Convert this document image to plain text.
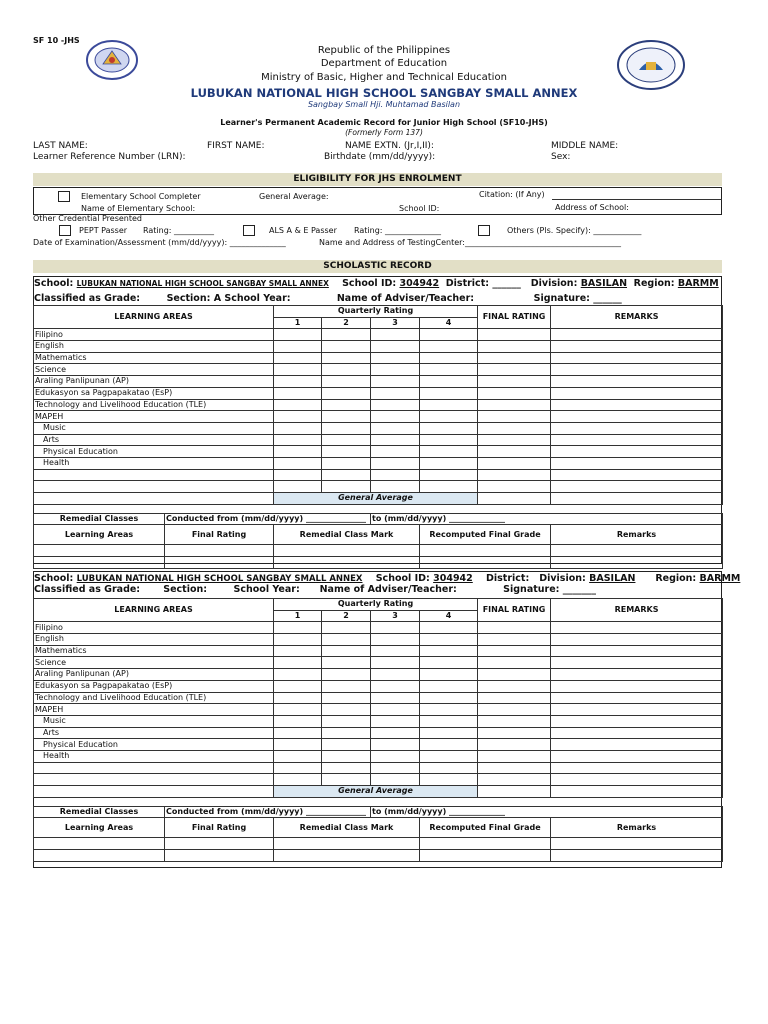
SF 10 -JHS
Republic of the Philippines
Department of Education
Ministry of Basic, Higher and Technical Education
LUBUKAN NATIONAL HIGH SCHOOL SANGBAY SMALL ANNEX
Sangbay Small Hji. Muhtamad Basilan
Learner's Permanent Academic Record for Junior High School (SF10-JHS)
(Formerly Form 137)
LAST NAME:	FIRST NAME:	NAME EXTN. (Jr,I,II):	MIDDLE NAME:
Learner Reference Number (LRN):	Birthdate (mm/dd/yyyy):	Sex:
ELIGIBILITY FOR JHS ENROLMENT
Elementary School Completer	General Average:	Citation: (If Any)
Name of Elementary School:	School ID:	Address of School:
Other Credential Presented
PEPT Passer Rating: __________	ALS A & E Passer Rating: ______________	Others (Pls. Specify): ____________
Date of Examination/Assessment (mm/dd/yyyy): ______________	Name and Address of TestingCenter:_______________________________________
SCHOLASTIC RECORD
School: LUBUKAN NATIONAL HIGH SCHOOL SANGBAY SMALL ANNEX School ID: 304942 District: ______ Division: BASILAN Region: BARMM
Classified as Grade:	Section: A School Year:	Name of Adviser/Teacher:	Signature: ______
LEARNING AREAS		Quarterly Rating				FINAL RATING	REMARKS
		1	2	3	4		
Filipino							
English							
Mathematics							
Science							
Araling Panlipunan (AP)							
Edukasyon sa Pagpapakatao (EsP)							
Technology and Livelihood Education (TLE)							
MAPEH							
Music							
Arts							
Physical Education							
Health							

		General Average					

Remedial Classes	Conducted from (mm/dd/yyyy) _______________			to (mm/dd/yyyy) ______________			
Learning Areas	Final Rating	Remedial Class Mark			Recomputed Final Grade		Remarks

School: LUBUKAN NATIONAL HIGH SCHOOL SANGBAY SMALL ANNEX School ID: 304942 District: Division: BASILAN Region: BARMM
Classified as Grade: Section:	School Year: Name of Adviser/Teacher:	Signature: _______
LEARNING AREAS		Quarterly Rating				FINAL RATING	REMARKS
		1	2	3	4		
Filipino							
English							
Mathematics							
Science							
Araling Panlipunan (AP)							
Edukasyon sa Pagpapakatao (EsP)							
Technology and Livelihood Education (TLE)							
MAPEH							
Music							
Arts							
Physical Education							
Health							

		General Average					

Remedial Classes	Conducted from (mm/dd/yyyy) _______________			to (mm/dd/yyyy) ______________			
Learning Areas	Final Rating	Remedial Class Mark			Recomputed Final Grade		Remarks
